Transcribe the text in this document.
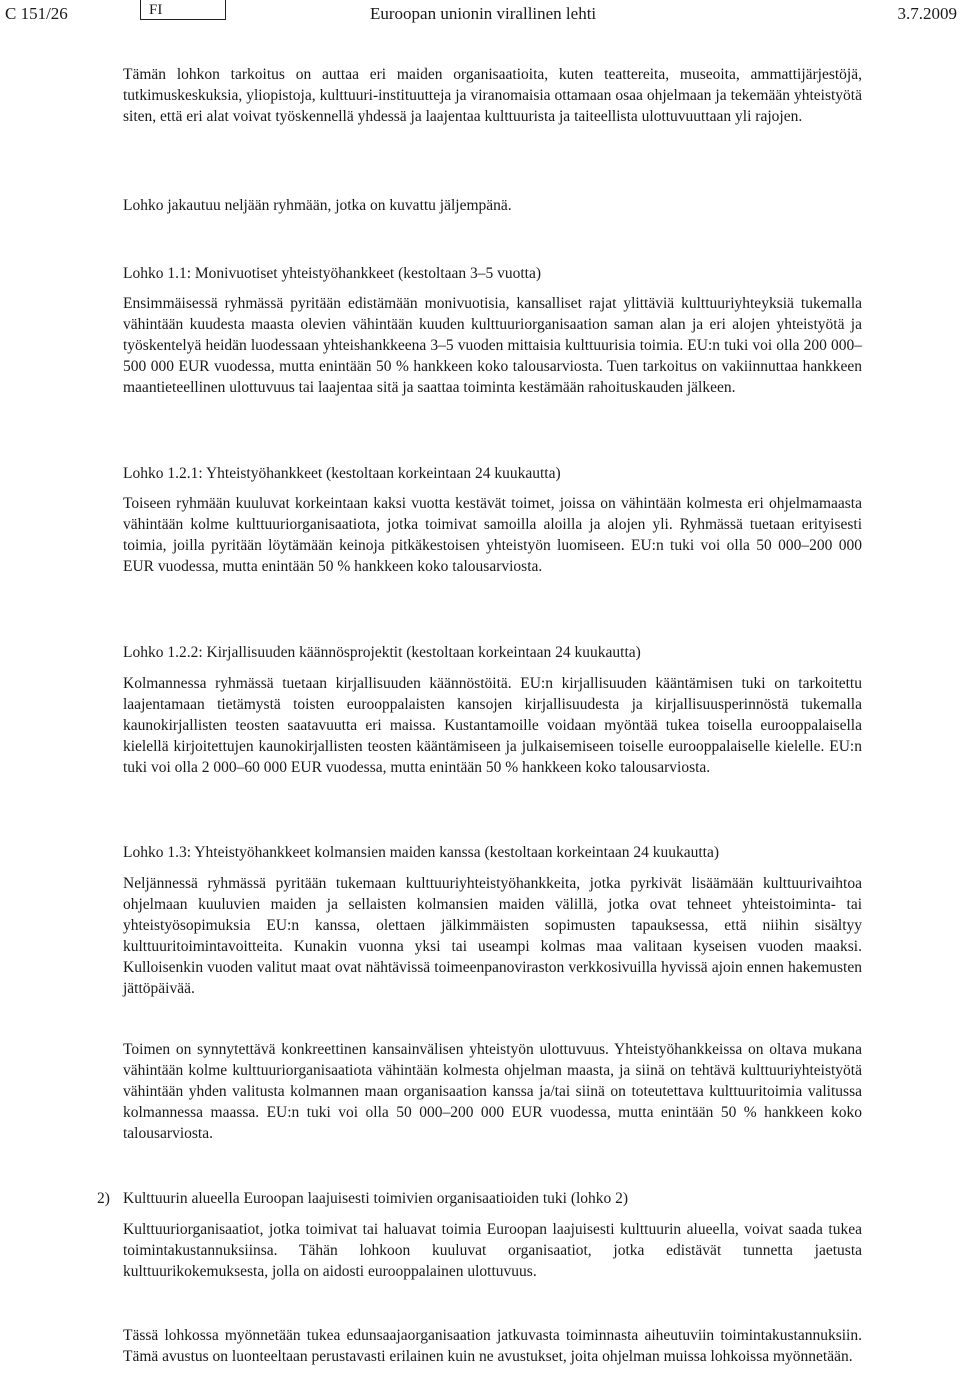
C 151/26	FI	Euroopan unionin virallinen lehti	3.7.2009

Tämän lohkon tarkoitus on auttaa eri maiden organisaatioita, kuten teattereita, museoita, ammattijärjestöjä, tutkimuskeskuksia, yliopistoja, kulttuuri-instituutteja ja viranomaisia ottamaan osaa ohjelmaan ja tekemään yhteistyötä siten, että eri alat voivat työskennellä yhdessä ja laajentaa kulttuurista ja taiteellista ulottuvuuttaan yli rajojen.

Lohko jakautuu neljään ryhmään, jotka on kuvattu jäljempänä.

Lohko 1.1: Monivuotiset yhteistyöhankkeet (kestoltaan 3–5 vuotta)

Ensimmäisessä ryhmässä pyritään edistämään monivuotisia, kansalliset rajat ylittäviä kulttuuriyhteyksiä tukemalla vähintään kuudesta maasta olevien vähintään kuuden kulttuuriorganisaation saman alan ja eri alojen yhteistyötä ja työskentelyä heidän luodessaan yhteishankkeena 3–5 vuoden mittaisia kulttuurisia toimia. EU:n tuki voi olla 200 000–500 000 EUR vuodessa, mutta enintään 50 % hankkeen koko talousarviosta. Tuen tarkoitus on vakiinnuttaa hankkeen maantieteellinen ulottuvuus tai laajentaa sitä ja saattaa toiminta kestämään rahoituskauden jälkeen.

Lohko 1.2.1: Yhteistyöhankkeet (kestoltaan korkeintaan 24 kuukautta)

Toiseen ryhmään kuuluvat korkeintaan kaksi vuotta kestävät toimet, joissa on vähintään kolmesta eri ohjelmamaasta vähintään kolme kulttuuriorganisaatiota, jotka toimivat samoilla aloilla ja alojen yli. Ryhmässä tuetaan erityisesti toimia, joilla pyritään löytämään keinoja pitkäkestoisen yhteistyön luomiseen. EU:n tuki voi olla 50 000–200 000 EUR vuodessa, mutta enintään 50 % hankkeen koko talousarviosta.

Lohko 1.2.2: Kirjallisuuden käännösprojektit (kestoltaan korkeintaan 24 kuukautta)

Kolmannessa ryhmässä tuetaan kirjallisuuden käännöstöitä. EU:n kirjallisuuden kääntämisen tuki on tarkoitettu laajentamaan tietämystä toisten eurooppalaisten kansojen kirjallisuudesta ja kirjallisuusperinnöstä tukemalla kaunokirjallisten teosten saatavuutta eri maissa. Kustantamoille voidaan myöntää tukea toisella eurooppalaisella kielellä kirjoitettujen kaunokirjallisten teosten kääntämiseen ja julkaisemiseen toiselle eurooppalaiselle kielelle. EU:n tuki voi olla 2 000–60 000 EUR vuodessa, mutta enintään 50 % hankkeen koko talousarviosta.

Lohko 1.3: Yhteistyöhankkeet kolmansien maiden kanssa (kestoltaan korkeintaan 24 kuukautta)

Neljännessä ryhmässä pyritään tukemaan kulttuuriyhteistyöhankkeita, jotka pyrkivät lisäämään kulttuurivaihtoa ohjelmaan kuuluvien maiden ja sellaisten kolmansien maiden välillä, jotka ovat tehneet yhteistoiminta- tai yhteistyösopimuksia EU:n kanssa, olettaen jälkimmäisten sopimusten tapauksessa, että niihin sisältyy kulttuuritoimintavoitteita. Kunakin vuonna yksi tai useampi kolmas maa valitaan kyseisen vuoden maaksi. Kulloisenkin vuoden valitut maat ovat nähtävissä toimeenpanoviraston verkkosivuilla hyvissä ajoin ennen hakemusten jättöpäivää.

Toimen on synnytettävä konkreettinen kansainvälisen yhteistyön ulottuvuus. Yhteistyöhankkeissa on oltava mukana vähintään kolme kulttuuriorganisaatiota vähintään kolmesta ohjelman maasta, ja siinä on tehtävä kulttuuriyhteistyötä vähintään yhden valitusta kolmannen maan organisaation kanssa ja/tai siinä on toteutettava kulttuuritoimia valitussa kolmannessa maassa. EU:n tuki voi olla 50 000–200 000 EUR vuodessa, mutta enintään 50 % hankkeen koko talousarviosta.

2) Kulttuurin alueella Euroopan laajuisesti toimivien organisaatioiden tuki (lohko 2)

Kulttuuriorganisaatiot, jotka toimivat tai haluavat toimia Euroopan laajuisesti kulttuurin alueella, voivat saada tukea toimintakustannuksiinsa. Tähän lohkoon kuuluvat organisaatiot, jotka edistävät tunnetta jaetusta kulttuurikokemuksesta, jolla on aidosti eurooppalainen ulottuvuus.

Tässä lohkossa myönnetään tukea edunsaajaorganisaation jatkuvasta toiminnasta aiheutuviin toimintakustannuksiin. Tämä avustus on luonteeltaan perustavasti erilainen kuin ne avustukset, joita ohjelman muissa lohkoissa myönnetään.
